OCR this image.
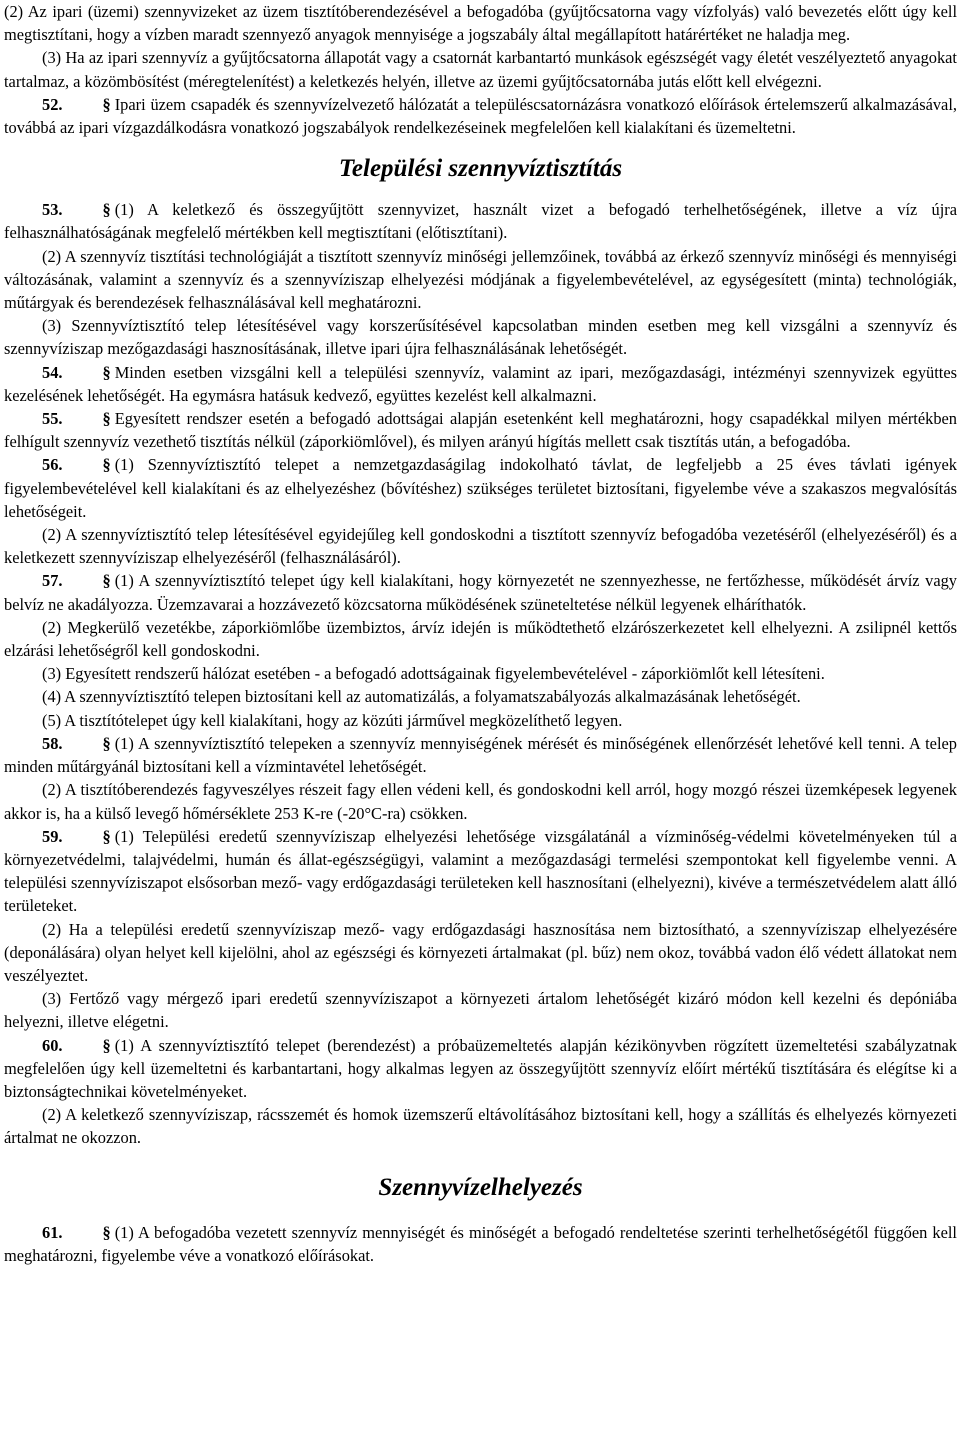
(2) Az ipari (üzemi) szennyvizeket az üzem tisztítóberendezésével a befogadóba (gyűjtőcsatorna vagy vízfolyás) való bevezetés előtt úgy kell megtisztítani, hogy a vízben maradt szennyező anyagok mennyisége a jogszabály által megállapított határértéket ne haladja meg.

(3) Ha az ipari szennyvíz a gyűjtőcsatorna állapotát vagy a csatornát karbantartó munkások egészségét vagy életét veszélyeztető anyagokat tartalmaz, a közömbösítést (méregtelenítést) a keletkezés helyén, illetve az üzemi gyűjtőcsatornába jutás előtt kell elvégezni.

52. § Ipari üzem csapadék és szennyvízelvezető hálózatát a településcsatornázásra vonatkozó előírások értelemszerű alkalmazásával, továbbá az ipari vízgazdálkodásra vonatkozó jogszabályok rendelkezéseinek megfelelően kell kialakítani és üzemeltetni.

Települési szennyvíztisztítás

53. § (1) A keletkező és összegyűjtött szennyvizet, használt vizet a befogadó terhelhetőségének, illetve a víz újra felhasználhatóságának megfelelő mértékben kell megtisztítani (előtisztítani).

(2) A szennyvíz tisztítási technológiáját a tisztított szennyvíz minőségi jellemzőinek, továbbá az érkező szennyvíz minőségi és mennyiségi változásának, valamint a szennyvíz és a szennyvíziszap elhelyezési módjának a figyelembevételével, az egységesített (minta) technológiák, műtárgyak és berendezések felhasználásával kell meghatározni.

(3) Szennyvíztisztító telep létesítésével vagy korszerűsítésével kapcsolatban minden esetben meg kell vizsgálni a szennyvíz és szennyvíziszap mezőgazdasági hasznosításának, illetve ipari újra felhasználásának lehetőségét.

54. § Minden esetben vizsgálni kell a települési szennyvíz, valamint az ipari, mezőgazdasági, intézményi szennyvizek együttes kezelésének lehetőségét. Ha egymásra hatásuk kedvező, együttes kezelést kell alkalmazni.

55. § Egyesített rendszer esetén a befogadó adottságai alapján esetenként kell meghatározni, hogy csapadékkal milyen mértékben felhígult szennyvíz vezethető tisztítás nélkül (záporkiömlővel), és milyen arányú hígítás mellett csak tisztítás után, a befogadóba.

56. § (1) Szennyvíztisztító telepet a nemzetgazdaságilag indokolható távlat, de legfeljebb a 25 éves távlati igények figyelembevételével kell kialakítani és az elhelyezéshez (bővítéshez) szükséges területet biztosítani, figyelembe véve a szakaszos megvalósítás lehetőségeit.

(2) A szennyvíztisztító telep létesítésével egyidejűleg kell gondoskodni a tisztított szennyvíz befogadóba vezetéséről (elhelyezéséről) és a keletkezett szennyvíziszap elhelyezéséről (felhasználásáról).

57. § (1) A szennyvíztisztító telepet úgy kell kialakítani, hogy környezetét ne szennyezhesse, ne fertőzhesse, működését árvíz vagy belvíz ne akadályozza. Üzemzavarai a hozzávezető közcsatorna működésének szüneteltetése nélkül legyenek elháríthatók.

(2) Megkerülő vezetékbe, záporkiömlőbe üzembiztos, árvíz idején is működtethető elzárószerkezetet kell elhelyezni. A zsilipnél kettős elzárási lehetőségről kell gondoskodni.

(3) Egyesített rendszerű hálózat esetében - a befogadó adottságainak figyelembevételével - záporkiömlőt kell létesíteni.

(4) A szennyvíztisztító telepen biztosítani kell az automatizálás, a folyamatszabályozás alkalmazásának lehetőségét.

(5) A tisztítótelepet úgy kell kialakítani, hogy az közúti járművel megközelíthető legyen.

58. § (1) A szennyvíztisztító telepeken a szennyvíz mennyiségének mérését és minőségének ellenőrzését lehetővé kell tenni. A telep minden műtárgyánál biztosítani kell a vízmintavétel lehetőségét.

(2) A tisztítóberendezés fagyveszélyes részeit fagy ellen védeni kell, és gondoskodni kell arról, hogy mozgó részei üzemképesek legyenek akkor is, ha a külső levegő hőmérséklete 253 K-re (-20°C-ra) csökken.

59. § (1) Települési eredetű szennyvíziszap elhelyezési lehetősége vizsgálatánál a vízminőség-védelmi követelményeken túl a környezetvédelmi, talajvédelmi, humán és állat-egészségügyi, valamint a mezőgazdasági termelési szempontokat kell figyelembe venni. A települési szennyvíziszapot elsősorban mező- vagy erdőgazdasági területeken kell hasznosítani (elhelyezni), kivéve a természetvédelem alatt álló területeket.

(2) Ha a települési eredetű szennyvíziszap mező- vagy erdőgazdasági hasznosítása nem biztosítható, a szennyvíziszap elhelyezésére (deponálására) olyan helyet kell kijelölni, ahol az egészségi és környezeti ártalmakat (pl. bűz) nem okoz, továbbá vadon élő védett állatokat nem veszélyeztet.

(3) Fertőző vagy mérgező ipari eredetű szennyvíziszapot a környezeti ártalom lehetőségét kizáró módon kell kezelni és depóniába helyezni, illetve elégetni.

60. § (1) A szennyvíztisztító telepet (berendezést) a próbaüzemeltetés alapján kézikönyvben rögzített üzemeltetési szabályzatnak megfelelően úgy kell üzemeltetni és karbantartani, hogy alkalmas legyen az összegyűjtött szennyvíz előírt mértékű tisztítására és elégítse ki a biztonságtechnikai követelményeket.

(2) A keletkező szennyvíziszap, rácsszemét és homok üzemszerű eltávolításához biztosítani kell, hogy a szállítás és elhelyezés környezeti ártalmat ne okozzon.

Szennyvízelhelyezés

61. § (1) A befogadóba vezetett szennyvíz mennyiségét és minőségét a befogadó rendeltetése szerinti terhelhetőségétől függően kell meghatározni, figyelembe véve a vonatkozó előírásokat.
